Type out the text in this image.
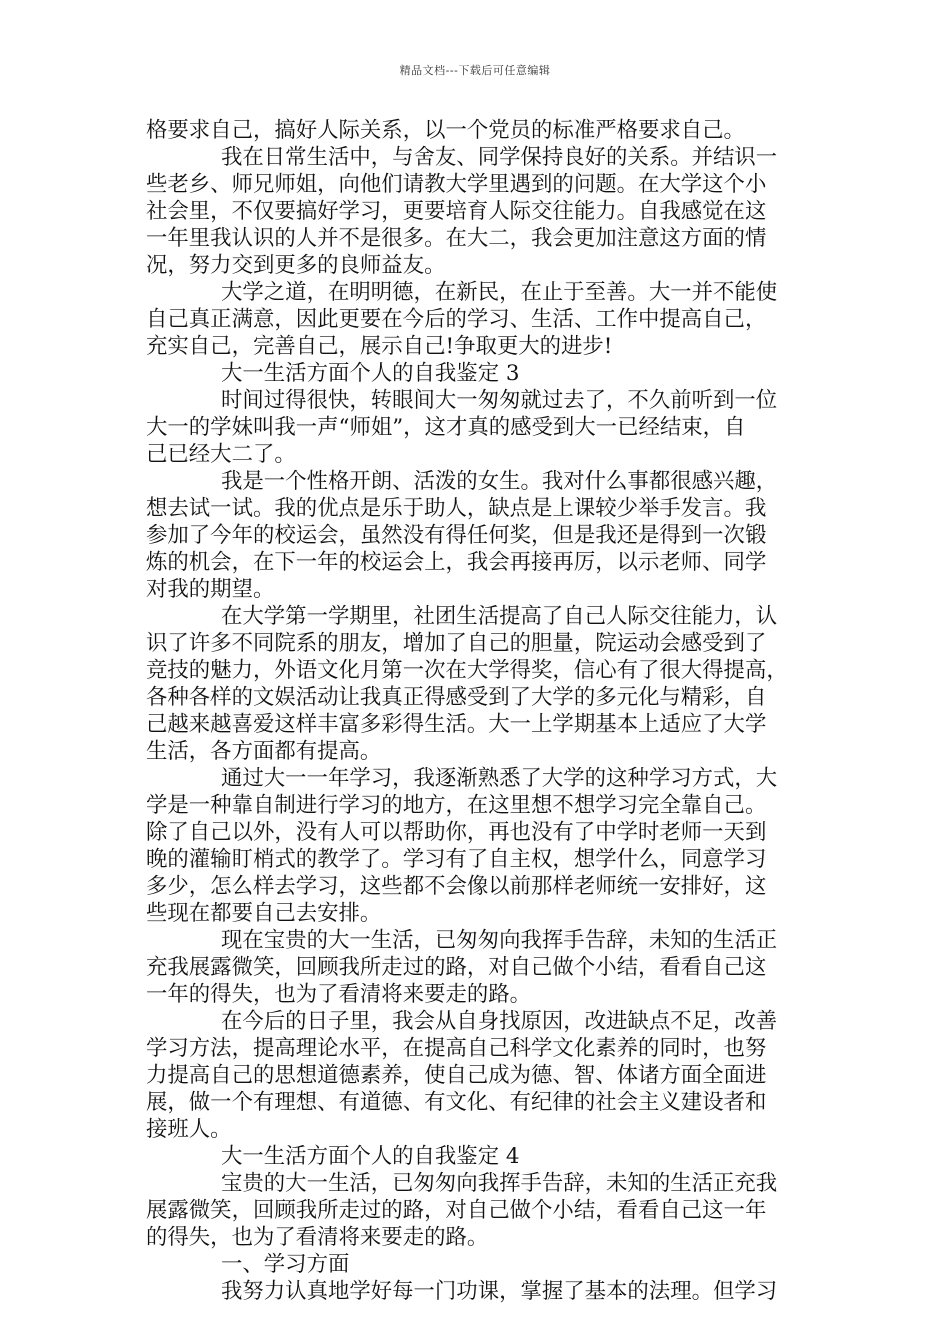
精品文档---下载后可任意编辑
格要求自己，搞好人际关系，以一个党员的标准严格要求自己。
我在日常生活中，与舍友、同学保持良好的关系。并结识一
些老乡、师兄师姐，向他们请教大学里遇到的问题。在大学这个小
社会里，不仅要搞好学习，更要培育人际交往能力。自我感觉在这
一年里我认识的人并不是很多。在大二，我会更加注意这方面的情
况，努力交到更多的良师益友。
大学之道，在明明德，在新民，在止于至善。大一并不能使
自己真正满意，因此更要在今后的学习、生活、工作中提高自己，
充实自己，完善自己，展示自己!争取更大的进步!
大一生活方面个人的自我鉴定 3
时间过得很快，转眼间大一匆匆就过去了，不久前听到一位
大一的学妹叫我一声“师姐”，这才真的感受到大一已经结束，自
己已经大二了。
我是一个性格开朗、活泼的女生。我对什么事都很感兴趣，
想去试一试。我的优点是乐于助人，缺点是上课较少举手发言。我
参加了今年的校运会，虽然没有得任何奖，但是我还是得到一次锻
炼的机会，在下一年的校运会上，我会再接再厉，以示老师、同学
对我的期望。
在大学第一学期里，社团生活提高了自己人际交往能力，认
识了许多不同院系的朋友，增加了自己的胆量，院运动会感受到了
竞技的魅力，外语文化月第一次在大学得奖，信心有了很大得提高，
各种各样的文娱活动让我真正得感受到了大学的多元化与精彩，自
己越来越喜爱这样丰富多彩得生活。大一上学期基本上适应了大学
生活，各方面都有提高。
通过大一一年学习，我逐渐熟悉了大学的这种学习方式，大
学是一种靠自制进行学习的地方，在这里想不想学习完全靠自己。
除了自己以外，没有人可以帮助你，再也没有了中学时老师一天到
晚的灌输盯梢式的教学了。学习有了自主权，想学什么，同意学习
多少，怎么样去学习，这些都不会像以前那样老师统一安排好，这
些现在都要自己去安排。
现在宝贵的大一生活，已匆匆向我挥手告辞，未知的生活正
充我展露微笑，回顾我所走过的路，对自己做个小结，看看自己这
一年的得失，也为了看清将来要走的路。
在今后的日子里，我会从自身找原因，改进缺点不足，改善
学习方法，提高理论水平，在提高自己科学文化素养的同时，也努
力提高自己的思想道德素养，使自己成为德、智、体诸方面全面进
展，做一个有理想、有道德、有文化、有纪律的社会主义建设者和
接班人。
大一生活方面个人的自我鉴定 4
宝贵的大一生活，已匆匆向我挥手告辞，未知的生活正充我
展露微笑，回顾我所走过的路，对自己做个小结，看看自己这一年
的得失，也为了看清将来要走的路。
一、学习方面
我努力认真地学好每一门功课，掌握了基本的法理。但学习
